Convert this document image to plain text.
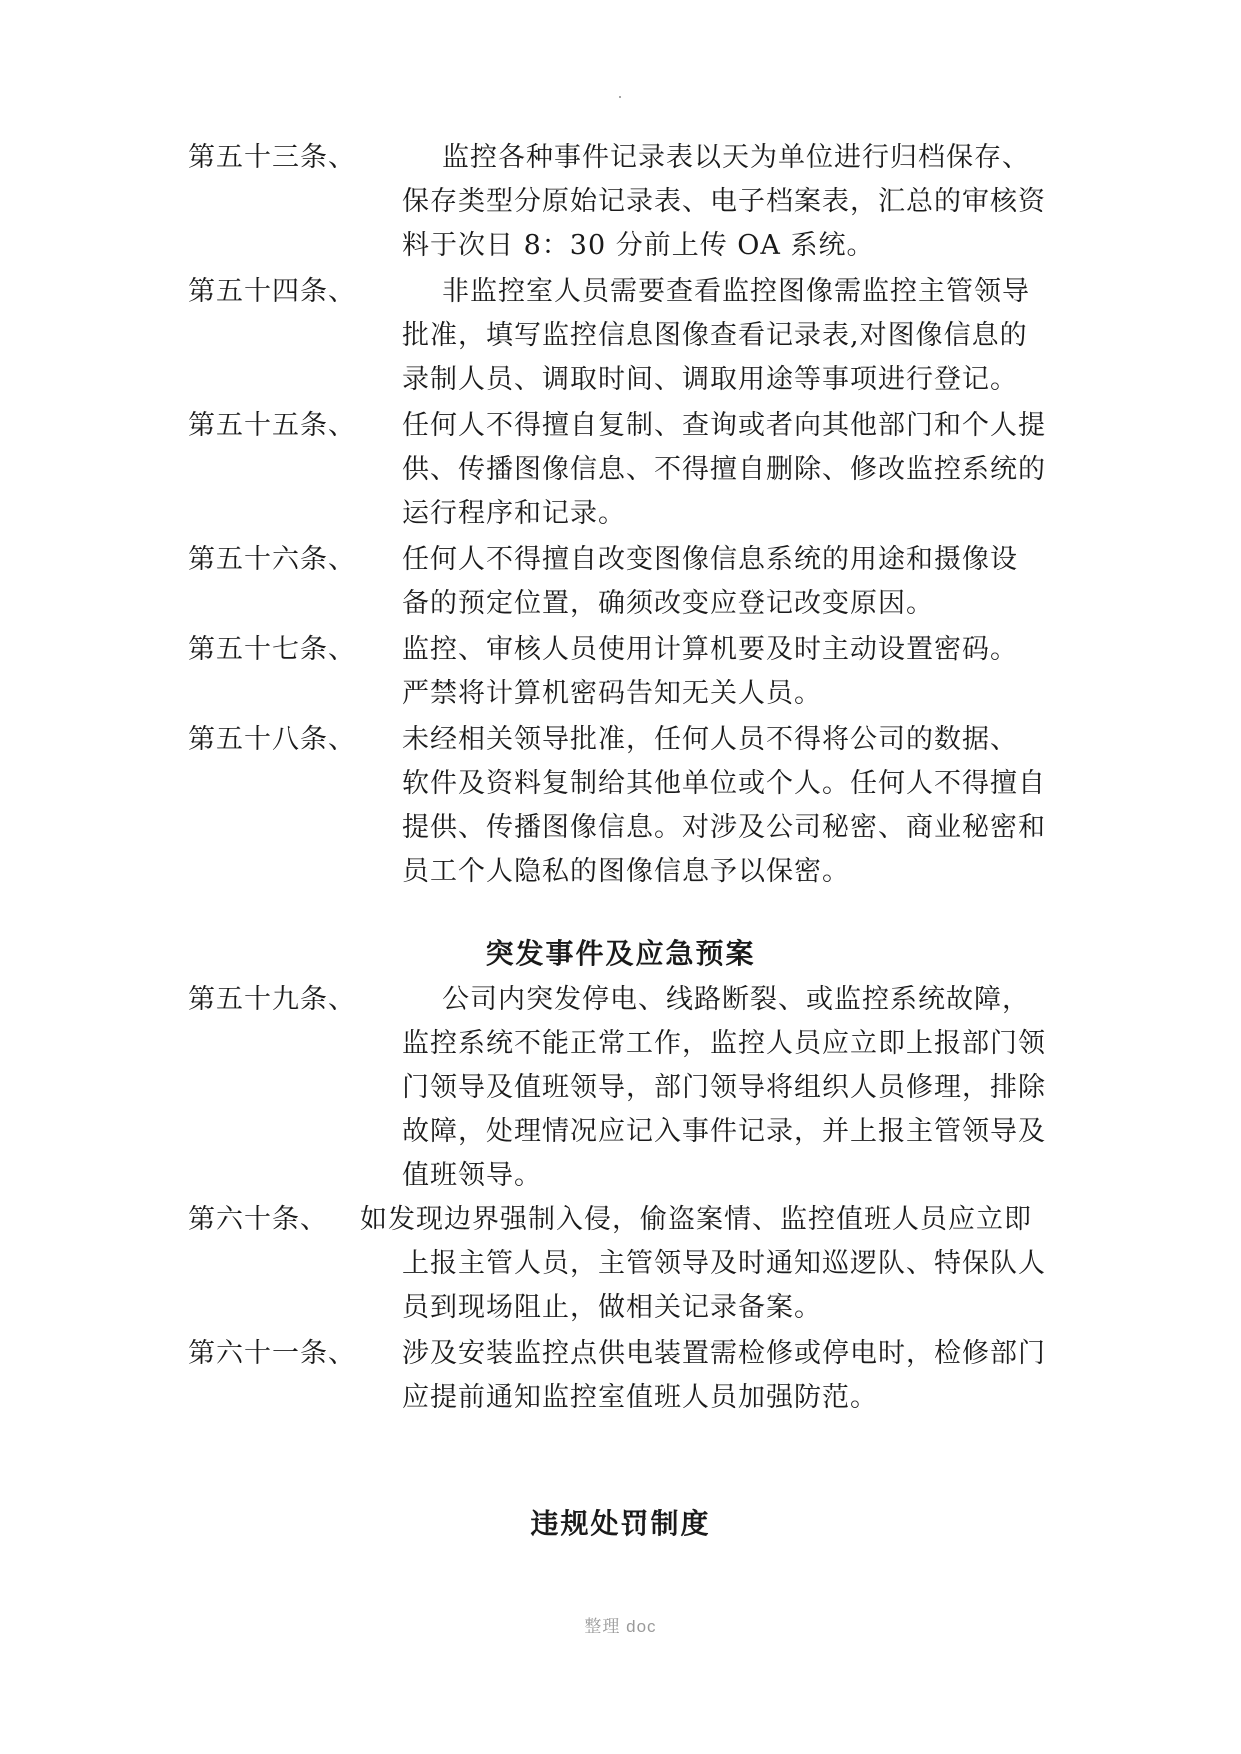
第五十三条、	监控各种事件记录表以天为单位进行归档保存、
保存类型分原始记录表、电子档案表，汇总的审核资
料于次日 8：30 分前上传 OA 系统。
第五十四条、	非监控室人员需要查看监控图像需监控主管领导
批准，填写监控信息图像查看记录表,对图像信息的
录制人员、调取时间、调取用途等事项进行登记。
第五十五条、 任何人不得擅自复制、查询或者向其他部门和个人提
供、传播图像信息、不得擅自删除、修改监控系统的
运行程序和记录。
第五十六条、 任何人不得擅自改变图像信息系统的用途和摄像设
备的预定位置，确须改变应登记改变原因。
第五十七条、 监控、审核人员使用计算机要及时主动设置密码。
严禁将计算机密码告知无关人员。
第五十八条、 未经相关领导批准，任何人员不得将公司的数据、
软件及资料复制给其他单位或个人。任何人不得擅自
提供、传播图像信息。对涉及公司秘密、商业秘密和
员工个人隐私的图像信息予以保密。
突发事件及应急预案
第五十九条、	公司内突发停电、线路断裂、或监控系统故障，
监控系统不能正常工作，监控人员应立即上报部门领
门领导及值班领导，部门领导将组织人员修理，排除
故障，处理情况应记入事件记录，并上报主管领导及
值班领导。
第六十条、 如发现边界强制入侵，偷盗案情、监控值班人员应立即
上报主管人员，主管领导及时通知巡逻队、特保队人
员到现场阻止，做相关记录备案。
第六十一条、 涉及安装监控点供电装置需检修或停电时，检修部门
应提前通知监控室值班人员加强防范。
违规处罚制度
整理 doc
